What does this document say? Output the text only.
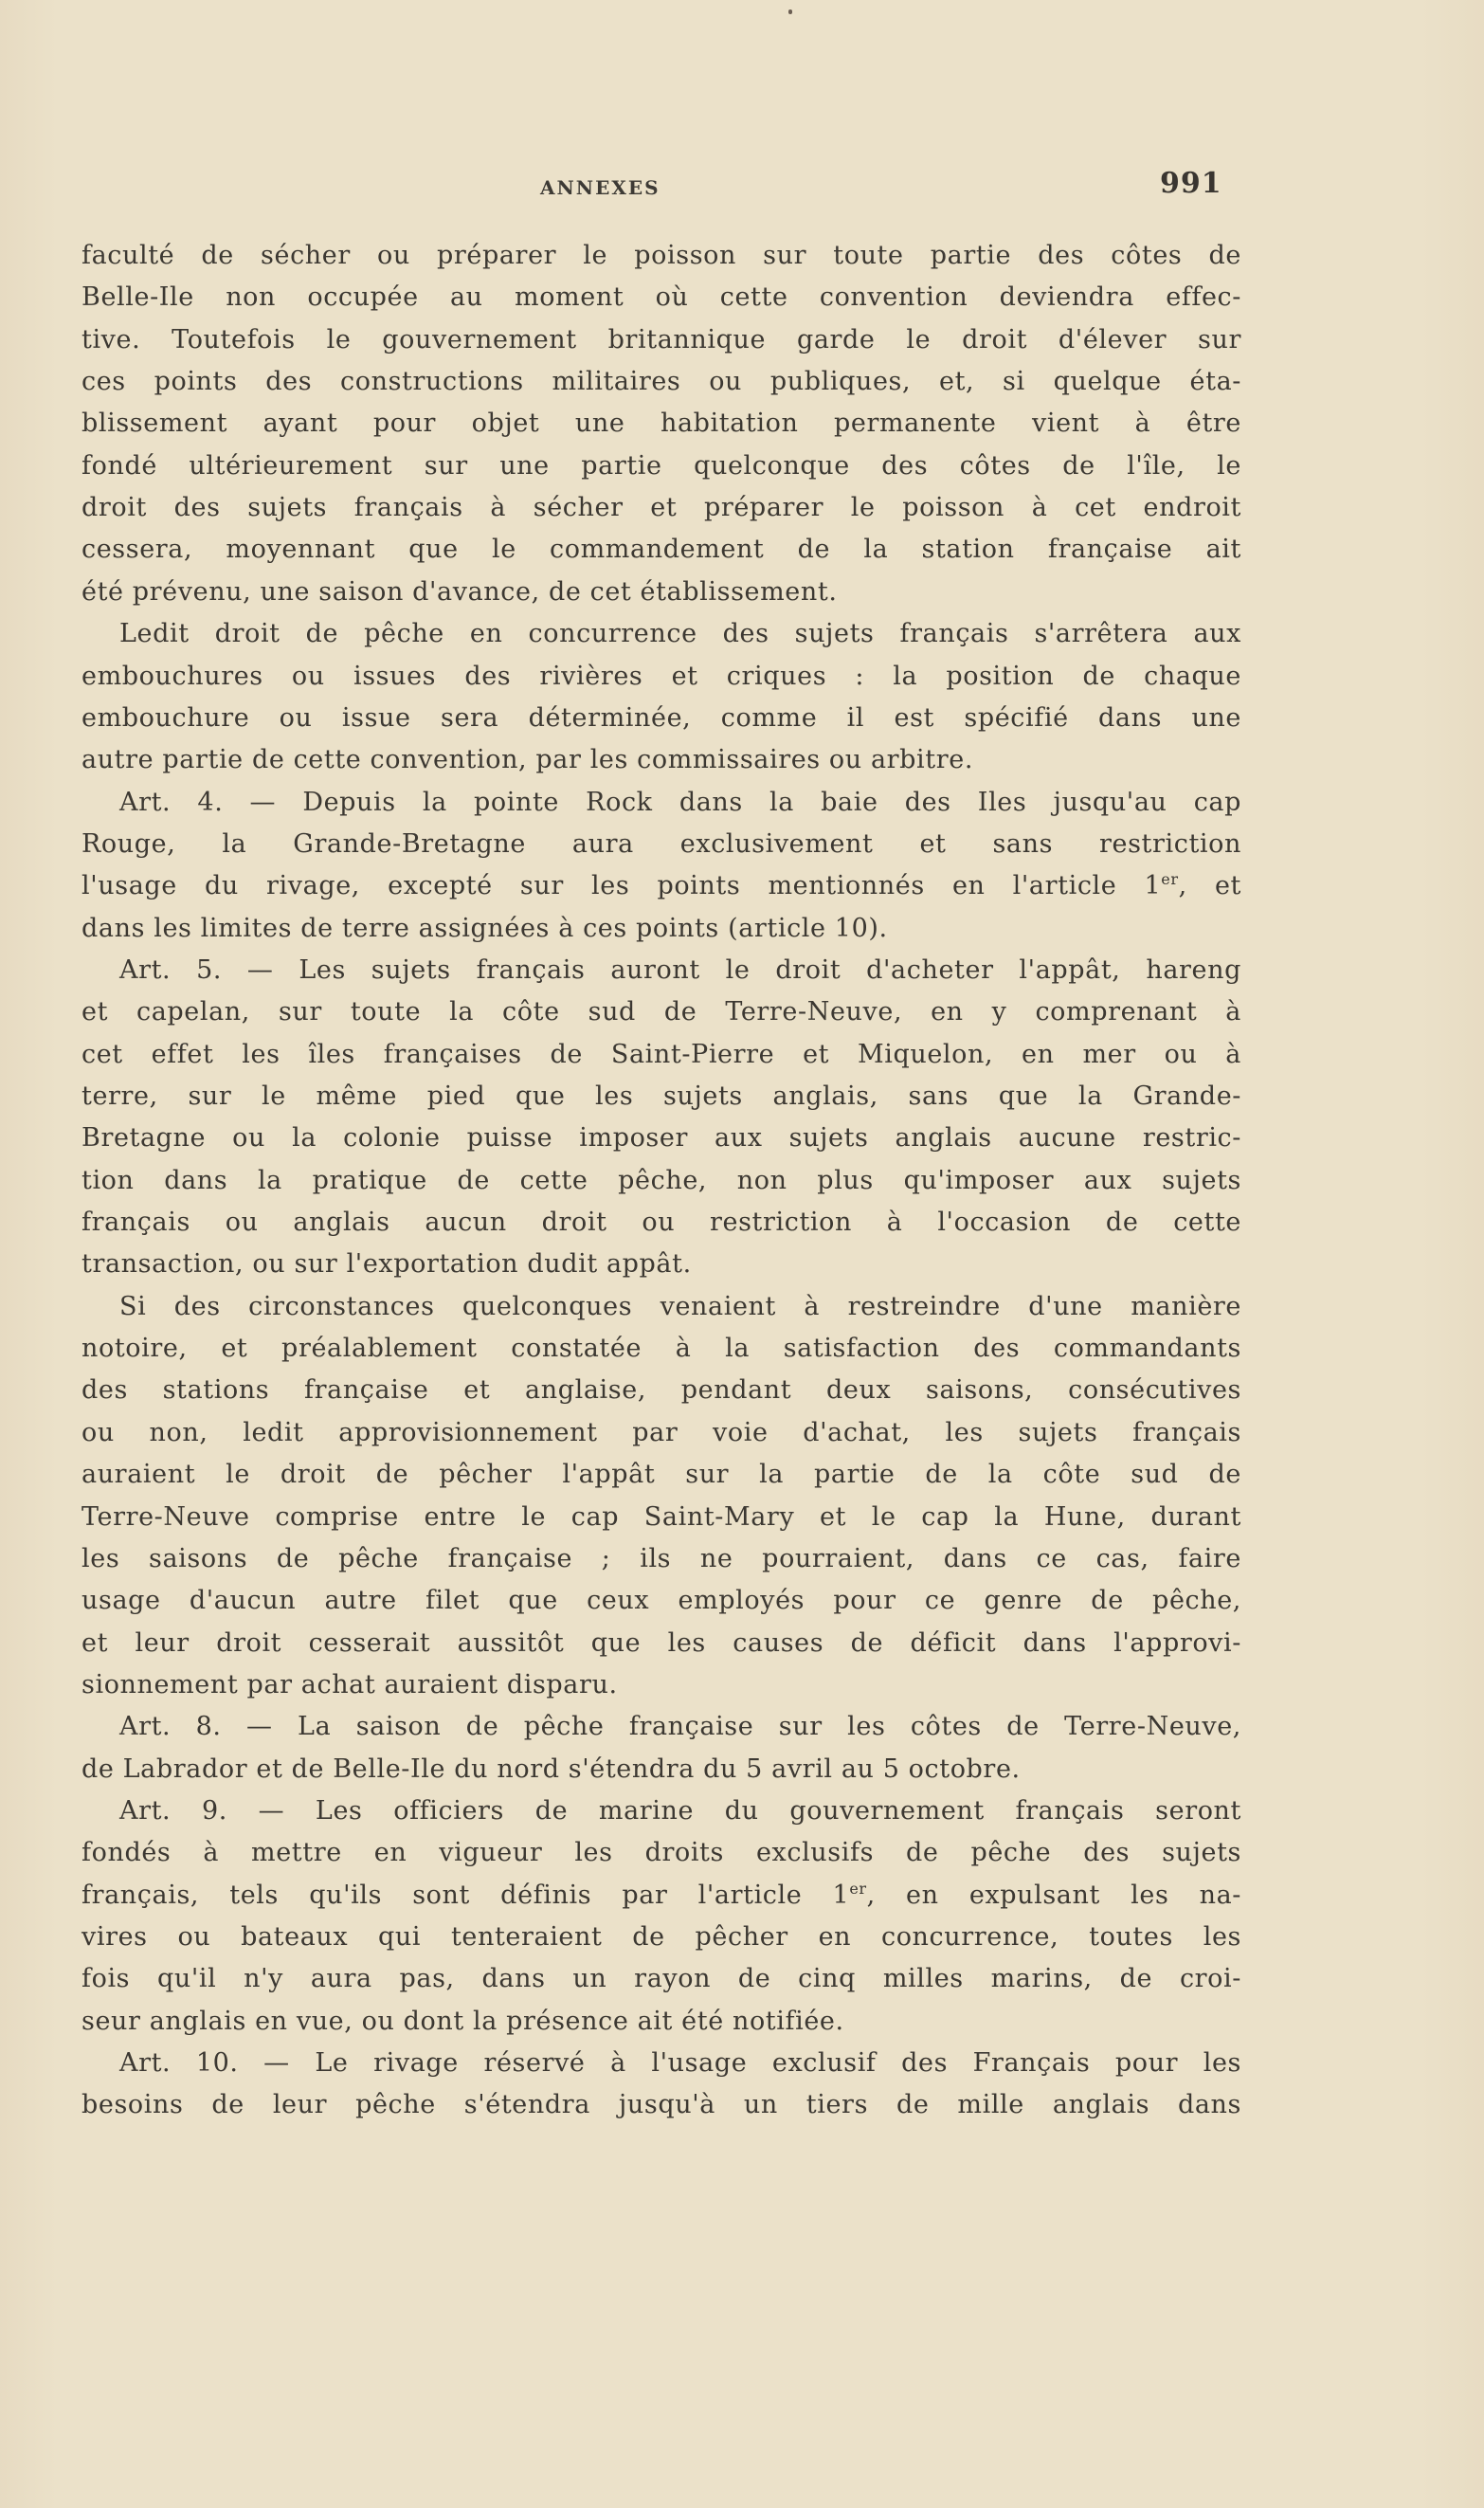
ANNEXES	991
faculté de sécher ou préparer le poisson sur toute partie des côtes de
Belle-Ile non occupée au moment où cette convention deviendra effec-
tive. Toutefois le gouvernement britannique garde le droit d'élever sur
ces points des constructions militaires ou publiques, et, si quelque éta-
blissement ayant pour objet une habitation permanente vient à être
fondé ultérieurement sur une partie quelconque des côtes de l'île, le
droit des sujets français à sécher et préparer le poisson à cet endroit
cessera, moyennant que le commandement de la station française ait
été prévenu, une saison d'avance, de cet établissement.
Ledit droit de pêche en concurrence des sujets français s'arrêtera aux
embouchures ou issues des rivières et criques : la position de chaque
embouchure ou issue sera déterminée, comme il est spécifié dans une
autre partie de cette convention, par les commissaires ou arbitre.
Art. 4. — Depuis la pointe Rock dans la baie des Iles jusqu'au cap
Rouge, la Grande-Bretagne aura exclusivement et sans restriction
l'usage du rivage, excepté sur les points mentionnés en l'article 1er, et
dans les limites de terre assignées à ces points (article 10).
Art. 5. — Les sujets français auront le droit d'acheter l'appât, hareng
et capelan, sur toute la côte sud de Terre-Neuve, en y comprenant à
cet effet les îles françaises de Saint-Pierre et Miquelon, en mer ou à
terre, sur le même pied que les sujets anglais, sans que la Grande-
Bretagne ou la colonie puisse imposer aux sujets anglais aucune restric-
tion dans la pratique de cette pêche, non plus qu'imposer aux sujets
français ou anglais aucun droit ou restriction à l'occasion de cette
transaction, ou sur l'exportation dudit appât.
Si des circonstances quelconques venaient à restreindre d'une manière
notoire, et préalablement constatée à la satisfaction des commandants
des stations française et anglaise, pendant deux saisons, consécutives
ou non, ledit approvisionnement par voie d'achat, les sujets français
auraient le droit de pêcher l'appât sur la partie de la côte sud de
Terre-Neuve comprise entre le cap Saint-Mary et le cap la Hune, durant
les saisons de pêche française ; ils ne pourraient, dans ce cas, faire
usage d'aucun autre filet que ceux employés pour ce genre de pêche,
et leur droit cesserait aussitôt que les causes de déficit dans l'approvi-
sionnement par achat auraient disparu.
Art. 8. — La saison de pêche française sur les côtes de Terre-Neuve,
de Labrador et de Belle-Ile du nord s'étendra du 5 avril au 5 octobre.
Art. 9. — Les officiers de marine du gouvernement français seront
fondés à mettre en vigueur les droits exclusifs de pêche des sujets
français, tels qu'ils sont définis par l'article 1er, en expulsant les na-
vires ou bateaux qui tenteraient de pêcher en concurrence, toutes les
fois qu'il n'y aura pas, dans un rayon de cinq milles marins, de croi-
seur anglais en vue, ou dont la présence ait été notifiée.
Art. 10. — Le rivage réservé à l'usage exclusif des Français pour les
besoins de leur pêche s'étendra jusqu'à un tiers de mille anglais dans
